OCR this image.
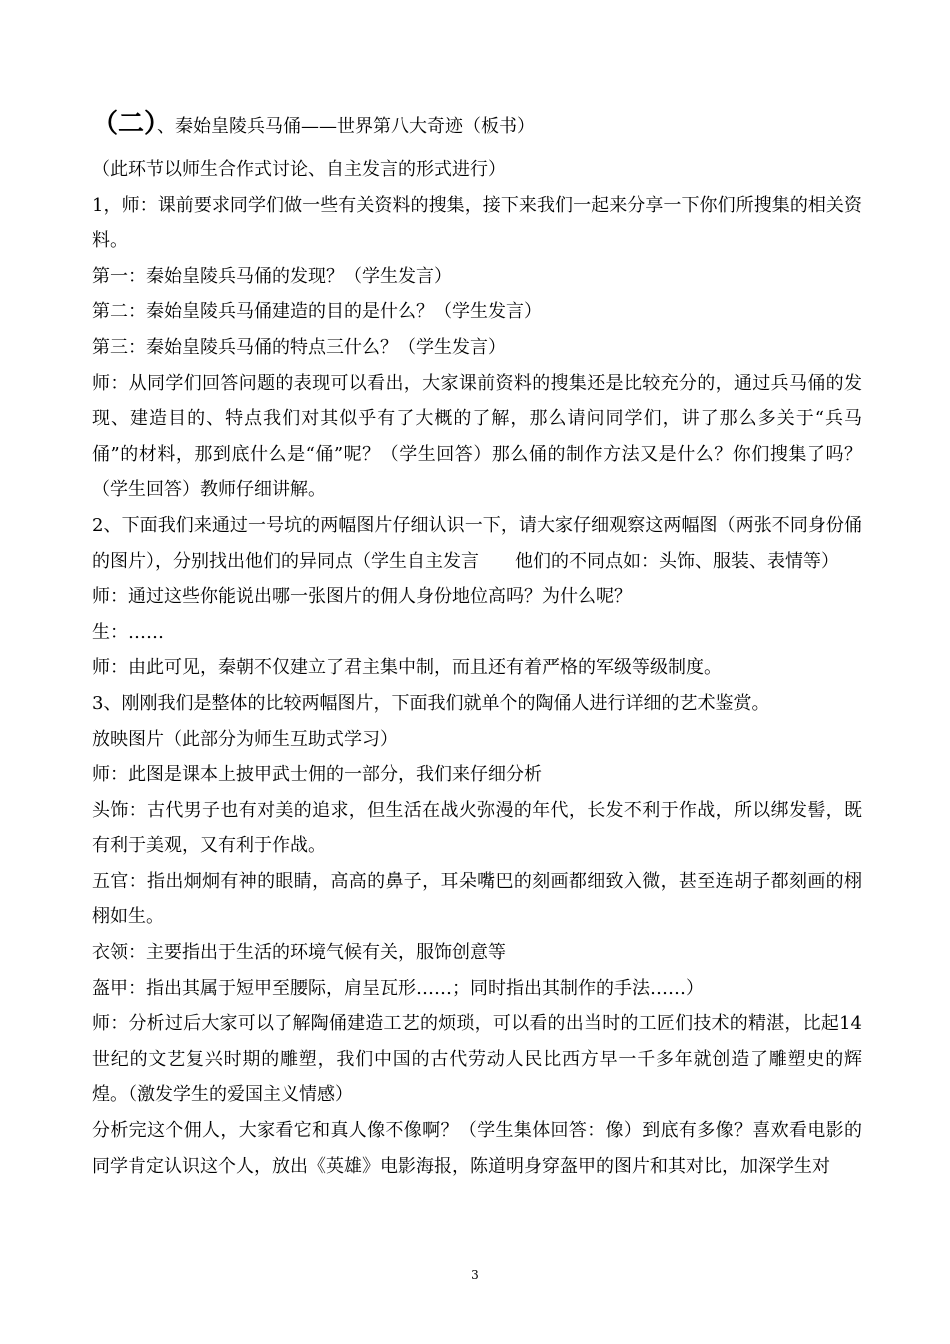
（二）、秦始皇陵兵马俑——世界第八大奇迹（板书）

（此环节以师生合作式讨论、自主发言的形式进行）

1，师：课前要求同学们做一些有关资料的搜集，接下来我们一起来分享一下你们所搜集的相关资料。

第一：秦始皇陵兵马俑的发现？（学生发言）

第二：秦始皇陵兵马俑建造的目的是什么？（学生发言）

第三：秦始皇陵兵马俑的特点三什么？（学生发言）

师：从同学们回答问题的表现可以看出，大家课前资料的搜集还是比较充分的，通过兵马俑的发现、建造目的、特点我们对其似乎有了大概的了解，那么请问同学们，讲了那么多关于“兵马俑”的材料，那到底什么是“俑”呢？（学生回答）那么俑的制作方法又是什么？你们搜集了吗？（学生回答）教师仔细讲解。

2、下面我们来通过一号坑的两幅图片仔细认识一下，请大家仔细观察这两幅图（两张不同身份俑的图片），分别找出他们的异同点（学生自主发言　　他们的不同点如：头饰、服装、表情等）

师：通过这些你能说出哪一张图片的佣人身份地位高吗？为什么呢？

生：……

师：由此可见，秦朝不仅建立了君主集中制，而且还有着严格的军级等级制度。

3、刚刚我们是整体的比较两幅图片，下面我们就单个的陶俑人进行详细的艺术鉴赏。

放映图片（此部分为师生互助式学习）

师：此图是课本上披甲武士佣的一部分，我们来仔细分析

头饰：古代男子也有对美的追求，但生活在战火弥漫的年代，长发不利于作战，所以绑发髻，既有利于美观，又有利于作战。

五官：指出炯炯有神的眼睛，高高的鼻子，耳朵嘴巴的刻画都细致入微，甚至连胡子都刻画的栩栩如生。

衣领：主要指出于生活的环境气候有关，服饰创意等

盔甲：指出其属于短甲至腰际，肩呈瓦形……；同时指出其制作的手法……）

师：分析过后大家可以了解陶俑建造工艺的烦琐，可以看的出当时的工匠们技术的精湛，比起14世纪的文艺复兴时期的雕塑，我们中国的古代劳动人民比西方早一千多年就创造了雕塑史的辉煌。（激发学生的爱国主义情感）

分析完这个佣人，大家看它和真人像不像啊？（学生集体回答：像）到底有多像？喜欢看电影的同学肯定认识这个人，放出《英雄》电影海报，陈道明身穿盔甲的图片和其对比，加深学生对

3
